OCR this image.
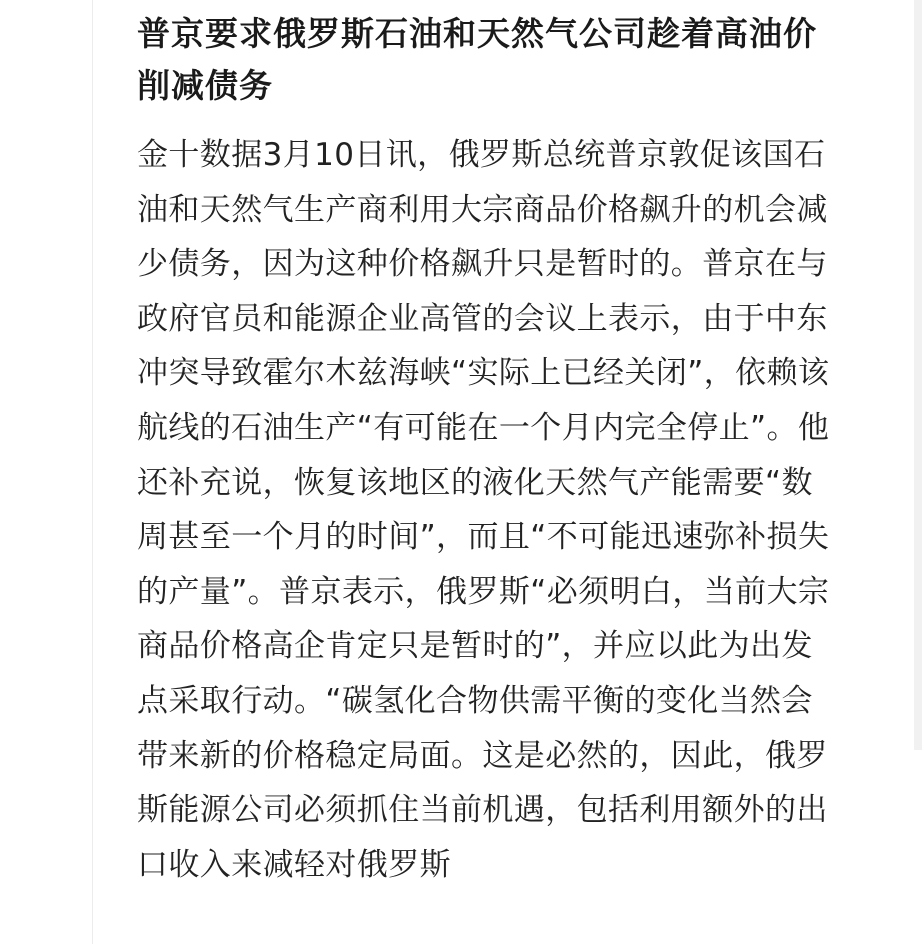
普京要求俄罗斯石油和天然气公司趁着高油价削减债务

金十数据3月10日讯，俄罗斯总统普京敦促该国石油和天然气生产商利用大宗商品价格飙升的机会减少债务，因为这种价格飙升只是暂时的。普京在与政府官员和能源企业高管的会议上表示，由于中东冲突导致霍尔木兹海峡“实际上已经关闭”，依赖该航线的石油生产“有可能在一个月内完全停止”。他还补充说，恢复该地区的液化天然气产能需要“数周甚至一个月的时间”，而且“不可能迅速弥补损失的产量”。普京表示，俄罗斯“必须明白，当前大宗商品价格高企肯定只是暂时的”，并应以此为出发点采取行动。“碳氢化合物供需平衡的变化当然会带来新的价格稳定局面。这是必然的，因此，俄罗斯能源公司必须抓住当前机遇，包括利用额外的出口收入来减轻对俄罗斯
